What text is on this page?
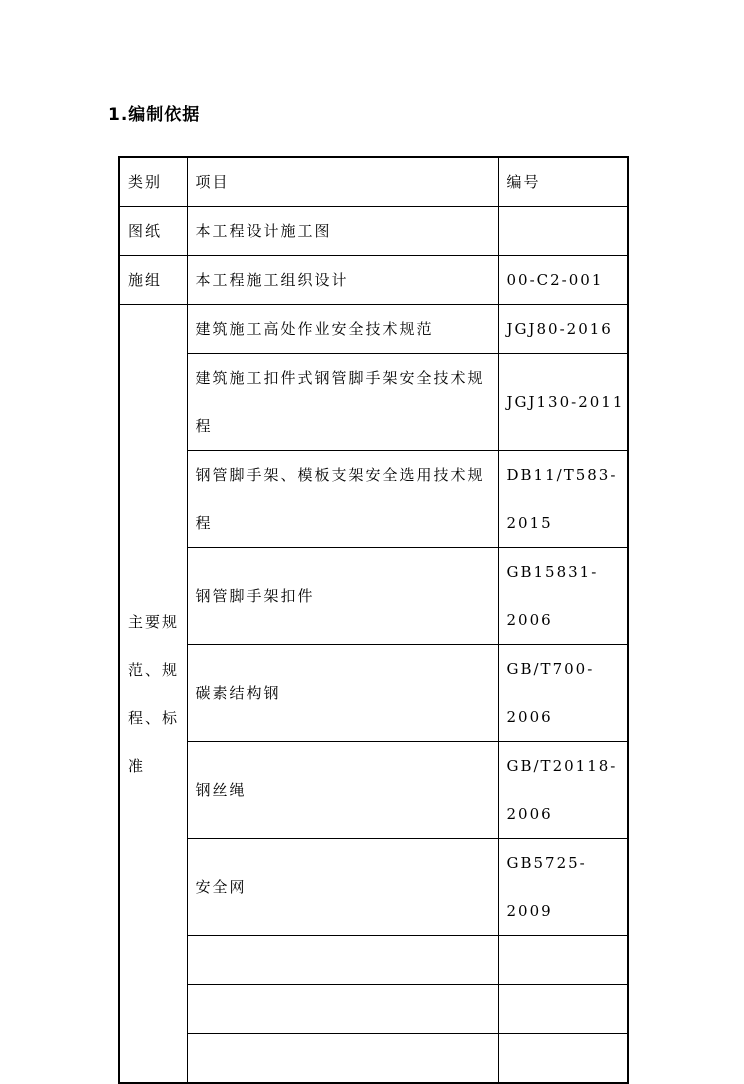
1.编制依据
类别	项目	编号
图纸	本工程设计施工图	
施组	本工程施工组织设计	00-C2-001
主要规范、规程、标准	建筑施工高处作业安全技术规范	JGJ80-2016
	建筑施工扣件式钢管脚手架安全技术规程	JGJ130-2011
	钢管脚手架、模板支架安全选用技术规程	DB11/T583-2015
	钢管脚手架扣件	GB15831-2006
	碳素结构钢	GB/T700-2006
	钢丝绳	GB/T20118-2006
	安全网	GB5725-2009
